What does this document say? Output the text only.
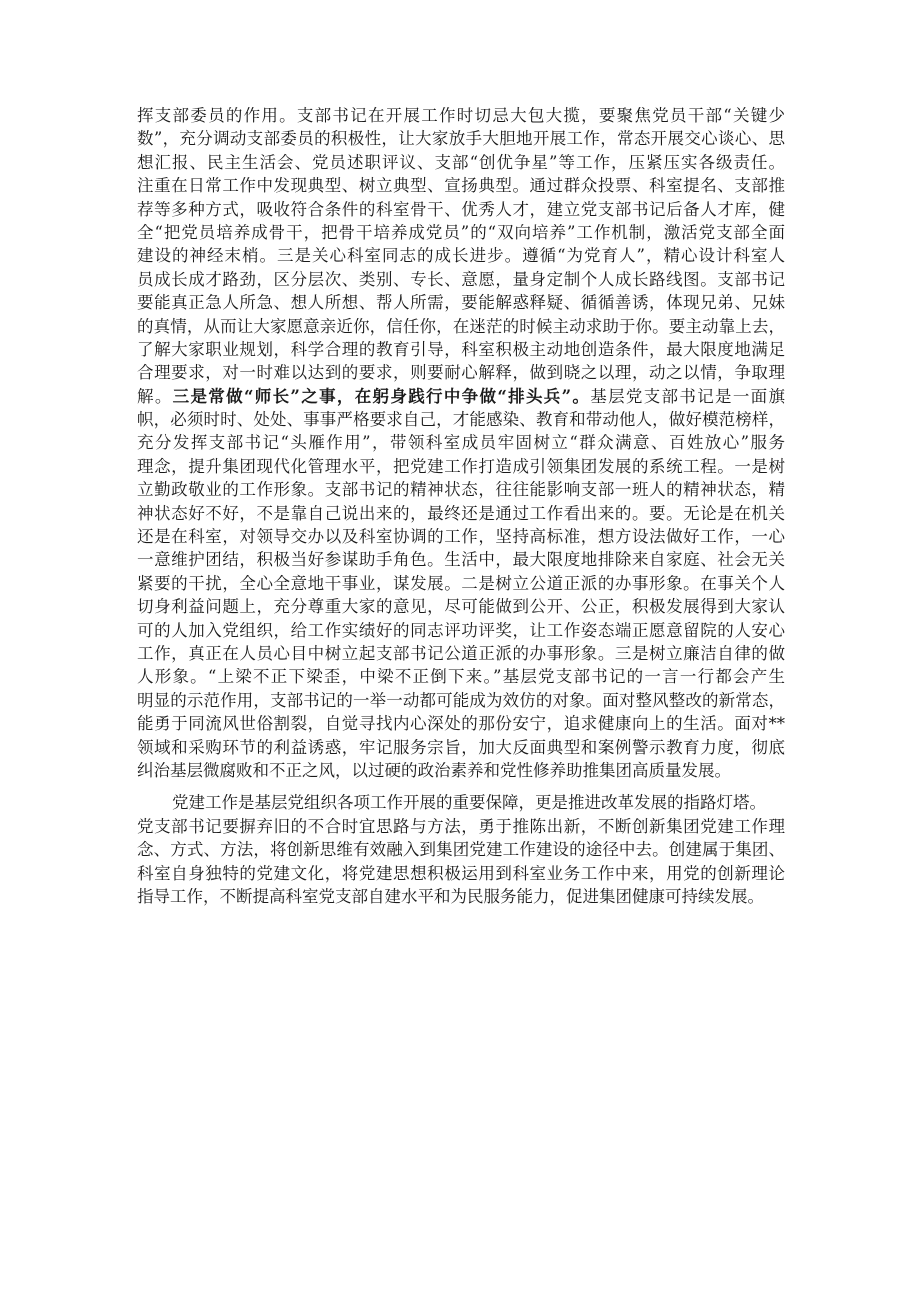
挥支部委员的作用。支部书记在开展工作时切忌大包大揽，要聚焦党员干部“关键少
数”，充分调动支部委员的积极性，让大家放手大胆地开展工作，常态开展交心谈心、思
想汇报、民主生活会、党员述职评议、支部“创优争星”等工作，压紧压实各级责任。
注重在日常工作中发现典型、树立典型、宣扬典型。通过群众投票、科室提名、支部推
荐等多种方式，吸收符合条件的科室骨干、优秀人才，建立党支部书记后备人才库，健
全“把党员培养成骨干，把骨干培养成党员”的“双向培养”工作机制，激活党支部全面
建设的神经末梢。三是关心科室同志的成长进步。遵循“为党育人”，精心设计科室人
员成长成才路劲，区分层次、类别、专长、意愿，量身定制个人成长路线图。支部书记
要能真正急人所急、想人所想、帮人所需，要能解惑释疑、循循善诱，体现兄弟、兄妹
的真情，从而让大家愿意亲近你，信任你，在迷茫的时候主动求助于你。要主动靠上去，
了解大家职业规划，科学合理的教育引导，科室积极主动地创造条件，最大限度地满足
合理要求，对一时难以达到的要求，则要耐心解释，做到晓之以理，动之以情，争取理
解。三是常做“师长”之事，在躬身践行中争做“排头兵”。基层党支部书记是一面旗
帜，必须时时、处处、事事严格要求自己，才能感染、教育和带动他人，做好模范榜样，
充分发挥支部书记“头雁作用”，带领科室成员牢固树立“群众满意、百姓放心”服务
理念，提升集团现代化管理水平，把党建工作打造成引领集团发展的系统工程。一是树
立勤政敬业的工作形象。支部书记的精神状态，往往能影响支部一班人的精神状态，精
神状态好不好，不是靠自己说出来的，最终还是通过工作看出来的。要。无论是在机关
还是在科室，对领导交办以及科室协调的工作，坚持高标准，想方设法做好工作，一心
一意维护团结，积极当好参谋助手角色。生活中，最大限度地排除来自家庭、社会无关
紧要的干扰，全心全意地干事业，谋发展。二是树立公道正派的办事形象。在事关个人
切身利益问题上，充分尊重大家的意见，尽可能做到公开、公正，积极发展得到大家认
可的人加入党组织，给工作实绩好的同志评功评奖，让工作姿态端正愿意留院的人安心
工作，真正在人员心目中树立起支部书记公道正派的办事形象。三是树立廉洁自律的做
人形象。“上梁不正下梁歪，中梁不正倒下来。”基层党支部书记的一言一行都会产生
明显的示范作用，支部书记的一举一动都可能成为效仿的对象。面对整风整改的新常态，
能勇于同流风世俗割裂，自觉寻找内心深处的那份安宁，追求健康向上的生活。面对**
领域和采购环节的利益诱惑，牢记服务宗旨，加大反面典型和案例警示教育力度，彻底
纠治基层微腐败和不正之风，以过硬的政治素养和党性修养助推集团高质量发展。
党建工作是基层党组织各项工作开展的重要保障，更是推进改革发展的指路灯塔。
党支部书记要摒弃旧的不合时宜思路与方法，勇于推陈出新，不断创新集团党建工作理
念、方式、方法，将创新思维有效融入到集团党建工作建设的途径中去。创建属于集团、
科室自身独特的党建文化，将党建思想积极运用到科室业务工作中来，用党的创新理论
指导工作，不断提高科室党支部自建水平和为民服务能力，促进集团健康可持续发展。
